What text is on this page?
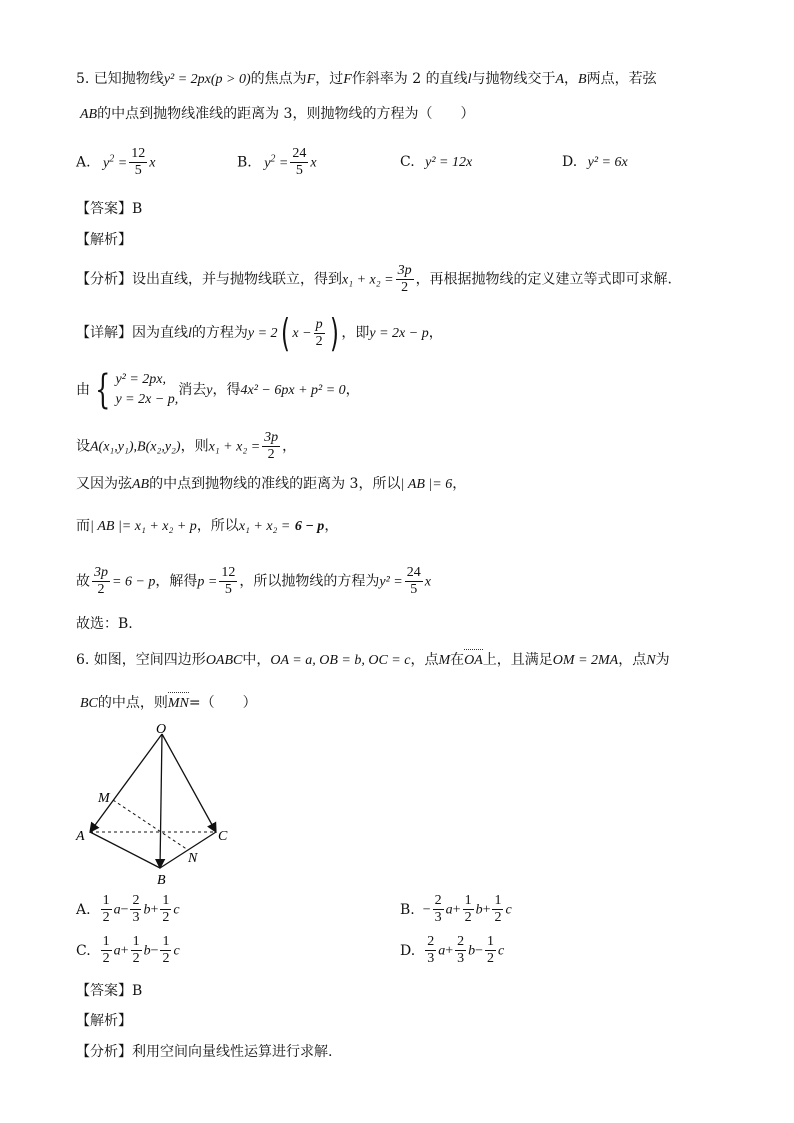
5. 已知抛物线y² = 2px(p > 0)的焦点为F，过F作斜率为 2 的直线l与抛物线交于A，B两点，若弦
AB的中点到抛物线准线的距离为 3，则抛物线的方程为（　　）
A. $y^2 = \frac{12}{5}$ x	B. $y^2 = \frac{24}{5}$ x	C. y² = 12x	D. y² = 6x
【答案】B
【解析】
【分析】设出直线，并与抛物线联立，得到$x_1 + x_2 = \frac{3p}{2}$ ，再根据抛物线的定义建立等式即可求解.
【详解】因为直线l的方程为y = 2( $x - \frac{p}{2}$ ) ，即y = 2x − p，
由 { y² = 2px,
y = 2x − p,
消去y，得4x² − 6px + p² = 0，
设A(x₁,y₁),B(x₂,y₂)，则$x_1 + x_2 = \frac{3p}{2}$ ，
又因为弦AB的中点到抛物线的准线的距离为 3，所以| AB |= 6，
而| AB |= x₁ + x₂ + p，所以x₁ + x₂ = 6 − p，
故 $\frac{3p}{2} = 6 - p$，解得$p = \frac{12}{5}$ ，所以抛物线的方程为$y^2 = \frac{24}{5}$ x
故选：B.
6. 如图，空间四边形OABC中，OA = a, OB = b, OC = c，点M在OA上，且满足OM = 2MA，点N为
BC的中点，则MN=（　　）
O
M
A	C
N
B
A. $\frac{1}{2} a- \frac{2}{3} b+ \frac{1}{2}$ c	B. − $\frac{2}{3} a+ \frac{1}{2} b+ \frac{1}{2}$ c
C. $\frac{1}{2} a+ \frac{1}{2} b- \frac{1}{2}$ c	D. $\frac{2}{3} a+ \frac{2}{3} b- \frac{1}{2}$ c
【答案】B
【解析】
【分析】利用空间向量线性运算进行求解.
